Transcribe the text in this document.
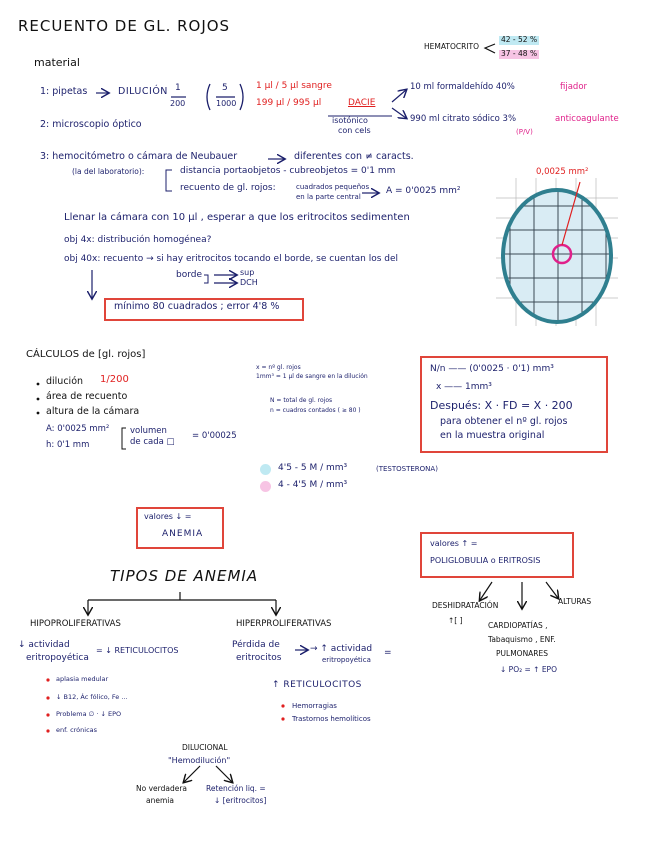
RECUENTO DE GL. ROJOS
HEMATOCRITO
42 - 52 %
37 - 48 %
material
1: pipetas	DILUCIÓN 1
200
5
1000
1 µl / 5 µl sangre
199 µl / 995 µl	DACIE
isotónico
con cels
10 ml formaldehído 40%	fijador
990 ml citrato sódico 3%	anticoagulante
(P/V)
2: microscopio óptico
3: hemocitómetro o cámara de Neubauer	diferentes con ≠ caracts.
(la del laboratorio):	distancia portaobjetos - cubreobjetos = 0'1 mm
recuento de gl. rojos:	cuadrados pequeños
en la parte central
A = 0'0025 mm²
0,0025 mm²
Llenar la cámara con 10 µl , esperar a que los eritrocitos sedimenten
obj 4x: distribución homogénea?
obj 40x: recuento → si hay eritrocitos tocando el borde, se cuentan los del
borde	sup
DCH
mínimo 80 cuadrados ; error 4'8 %
CÁLCULOS de [gl. rojos]
dilución 1/200
área de recuento
altura de la cámara
A: 0'0025 mm²
h: 0'1 mm
volumen
de cada □
= 0'00025
x = nº gl. rojos
1mm³ = 1 µl de sangre en la dilución
N = total de gl. rojos
n = cuadros contados ( ≥ 80 )
N/n —— (0'0025 · 0'1) mm³
x —— 1mm³
Después: X · FD = X · 200
para obtener el nº gl. rojos
en la muestra original
4'5 - 5 M / mm³	(TESTOSTERONA)
4 - 4'5 M / mm³
valores ↓ =
ANEMIA
valores ↑ =
POLIGLOBULIA o ERITROSIS
DESHIDRATACIÓN
↑[ ]
ALTURAS
CARDIOPATÍAS ,
Tabaquismo , ENF.
PULMONARES
↓ PO₂ = ↑ EPO
TIPOS DE ANEMIA
HIPOPROLIFERATIVAS
↓ actividad
eritropoyética
= ↓ RETICULOCITOS
aplasia medular
↓ B12, Ác fólico, Fe ...
Problema ∅ · ↓ EPO
enf. crónicas
HIPERPROLIFERATIVAS
Pérdida de
eritrocitos
→ ↑ actividad
eritropoyética
=
↑ RETICULOCITOS
Hemorragias
Trastornos hemolíticos
DILUCIONAL
"Hemodilución"
No verdadera
anemia
Retención liq. =
↓ [eritrocitos]
